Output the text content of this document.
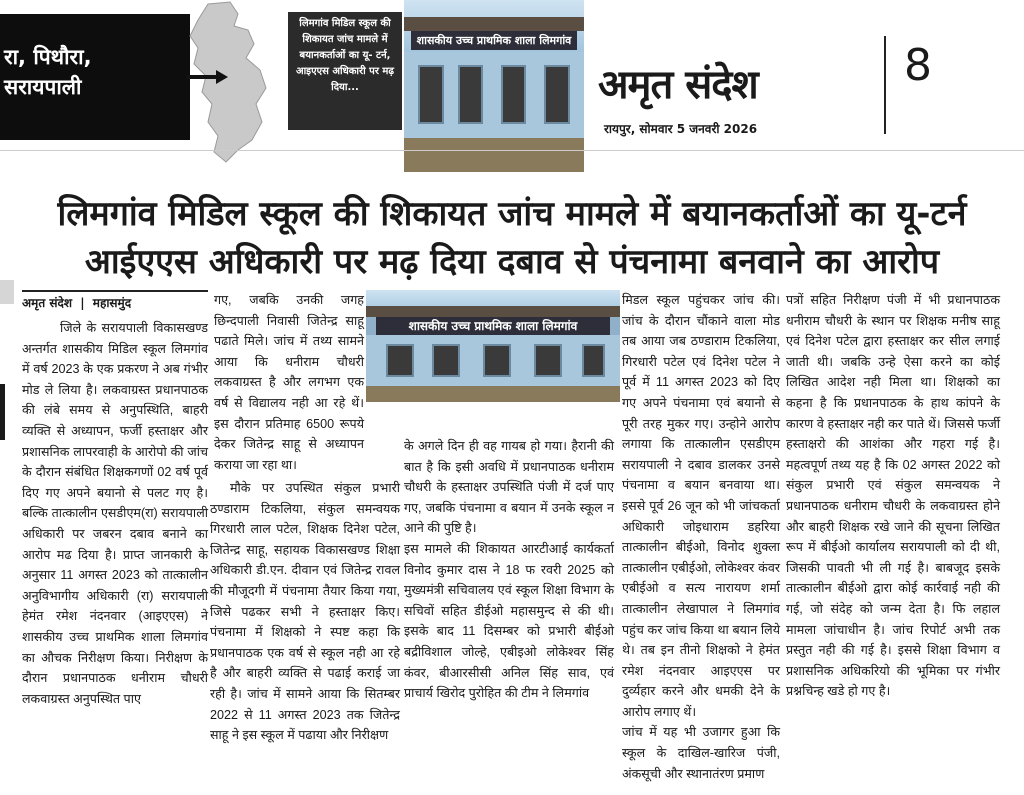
रा, पिथौरा, सरायपाली
लिमगांव मिडिल स्कूल की शिकायत जांच मामले में बयानकर्ताओं का यू- टर्न, आइएएस अधिकारी पर मढ़ दिया...
शासकीय उच्च प्राथमिक शाला लिमगांव
अमृत संदेश	8
रायपुर, सोमवार 5 जनवरी 2026
लिमगांव मिडिल स्कूल की शिकायत जांच मामले में बयानकर्ताओं का यू-टर्न
आईएएस अधिकारी पर मढ़ दिया दबाव से पंचनामा बनवाने का आरोप
अमृत संदेश | महासमुंद
जिले के सरायपाली विकासखण्ड अन्तर्गत शासकीय मिडिल स्कूल लिमगांव में वर्ष 2023 के एक प्रकरण ने अब गंभीर मोड ले लिया है। लकवाग्रस्त प्रधानपाठक की लंबे समय से अनुपस्थिति, बाहरी व्यक्ति से अध्यापन, फर्जी हस्ताक्षर और प्रशासनिक लापरवाही के आरोपो की जांच के दौरान संबंधित शिक्षकगणों 02 वर्ष पूर्व दिए गए अपने बयानो से पलट गए है। बल्कि तात्कालीन एसडीएम(रा) सरायपाली अधिकारी पर जबरन दबाव बनाने का आरोप मढ दिया है। प्राप्त जानकारी के अनुसार 11 अगस्त 2023 को तात्कालीन अनुविभागीय अधिकारी (रा) सरायपाली हेमंत रमेश नंदनवार (आइएएस) ने शासकीय उच्च प्राथमिक शाला लिमगांव का औचक निरीक्षण किया। निरीक्षण के दौरान प्रधानपाठक धनीराम चौधरी लकवाग्रस्त अनुपस्थित पाए
गए, जबकि उनकी जगह छिन्दपाली निवासी जितेन्द्र साहू पढाते मिले। जांच में तथ्य सामने आया कि धनीराम चौधरी लकवाग्रस्त है और लगभग एक वर्ष से विद्यालय नही आ रहे थें। इस दौरान प्रतिमाह 6500 रूपये देकर जितेन्द्र साहू से अध्यापन कराया जा रहा था।
शासकीय उच्च प्राथमिक शाला लिमगांव
मौके पर उपस्थित संकुल प्रभारी ठण्डाराम टिकलिया, संकुल समन्वयक गिरधारी लाल पटेल, शिक्षक दिनेश पटेल, जितेन्द्र साहू, सहायक विकासखण्ड शिक्षा अधिकारी डी.एन. दीवान एवं जितेन्द्र रावल की मौजूदगी में पंचनामा तैयार किया गया, जिसे पढकर सभी ने हस्ताक्षर किए। पंचनामा में शिक्षको ने स्पष्ट कहा कि प्रधानपाठक एक वर्ष से स्कूल नही आ रहे है और बाहरी व्यक्ति से पढाई कराई जा रही है। जांच में सामने आया कि सितम्बर 2022 से 11 अगस्त 2023 तक जितेन्द्र साहू ने इस स्कूल में पढाया और निरीक्षण
के अगले दिन ही वह गायब हो गया। हैरानी की बात है कि इसी अवधि में प्रधानपाठक धनीराम चौधरी के हस्ताक्षर उपस्थिति पंजी में दर्ज पाए गए, जबकि पंचनामा व बयान में उनके स्कूल न आने की पुष्टि है।
इस मामले की शिकायत आरटीआई कार्यकर्ता विनोद कुमार दास ने 18 फ रवरी 2025 को मुख्यमंत्री सचिवालय एवं स्कूल शिक्षा विभाग के सचिवों सहित डीईओ महासमुन्द से की थी। इसके बाद 11 दिसम्बर को प्रभारी बीईओ बद्रीविशाल जोल्हे, एबीइओ लोकेश्वर सिंह कंवर, बीआरसीसी अनिल सिंह साव, एवं प्राचार्य खिरोद पुरोहित की टीम ने लिमगांव
मिडल स्कूल पहुंचकर जांच की। जांच के दौरान चौंकाने वाला मोड तब आया जब ठण्डाराम टिकलिया, गिरधारी पटेल एवं दिनेश पटेल ने पूर्व में 11 अगस्त 2023 को दिए गए अपने पंचनामा एवं बयानो से पूरी तरह मुकर गए। उन्होने आरोप लगाया कि तात्कालीन एसडीएम सरायपाली ने दबाव डालकर उनसे पंचनामा व बयान बनवाया था। इससे पूर्व 26 जून को भी जांचकर्ता अधिकारी जोइधाराम डहरिया तात्कालीन बीईओ, विनोद शुक्ला तात्कालीन एबीईओ, लोकेश्वर कंवर एबीईओ व सत्य नारायण शर्मा तात्कालीन लेखापाल ने लिमगांव पहुंच कर जांच किया था बयान लिये थे। तब इन तीनो शिक्षको ने हेमंत रमेश नंदनवार आइएएस पर दुर्व्यहार करने और धमकी देने के आरोप लगाए थें।
जांच में यह भी उजागर हुआ कि स्कूल के दाखिल-खारिज पंजी, अंकसूची और स्थानातंरण प्रमाण
पत्रों सहित निरीक्षण पंजी में भी प्रधानपाठक धनीराम चौधरी के स्थान पर शिक्षक मनीष साहू एवं दिनेश पटेल द्वारा हस्ताक्षर कर सील लगाई जाती थी। जबकि उन्हे ऐसा करने का कोई लिखित आदेश नही मिला था। शिक्षको का कहना है कि प्रधानपाठक के हाथ कांपने के कारण वे हस्ताक्षर नही कर पाते थें। जिससे फर्जी हस्ताक्षरो की आशंका और गहरा गई है। महत्वपूर्ण तथ्य यह है कि 02 अगस्त 2022 को संकुल प्रभारी एवं संकुल समन्वयक ने प्रधानपाठक धनीराम चौधरी के लकवाग्रस्त होने और बाहरी शिक्षक रखे जाने की सूचना लिखित रूप में बीईओ कार्यालय सरायपाली को दी थी, जिसकी पावती भी ली गई है। बाबजूद इसके तात्कालीन बीईओ द्वारा कोई कार्रवाई नही की गई, जो संदेह को जन्म देता है। फि लहाल मामला जांचाधीन है। जांच रिपोर्ट अभी तक प्रस्तुत नही की गई है। इससे शिक्षा विभाग व प्रशासनिक अधिकरियो की भूमिका पर गंभीर प्रश्नचिन्ह खडे हो गए है।
